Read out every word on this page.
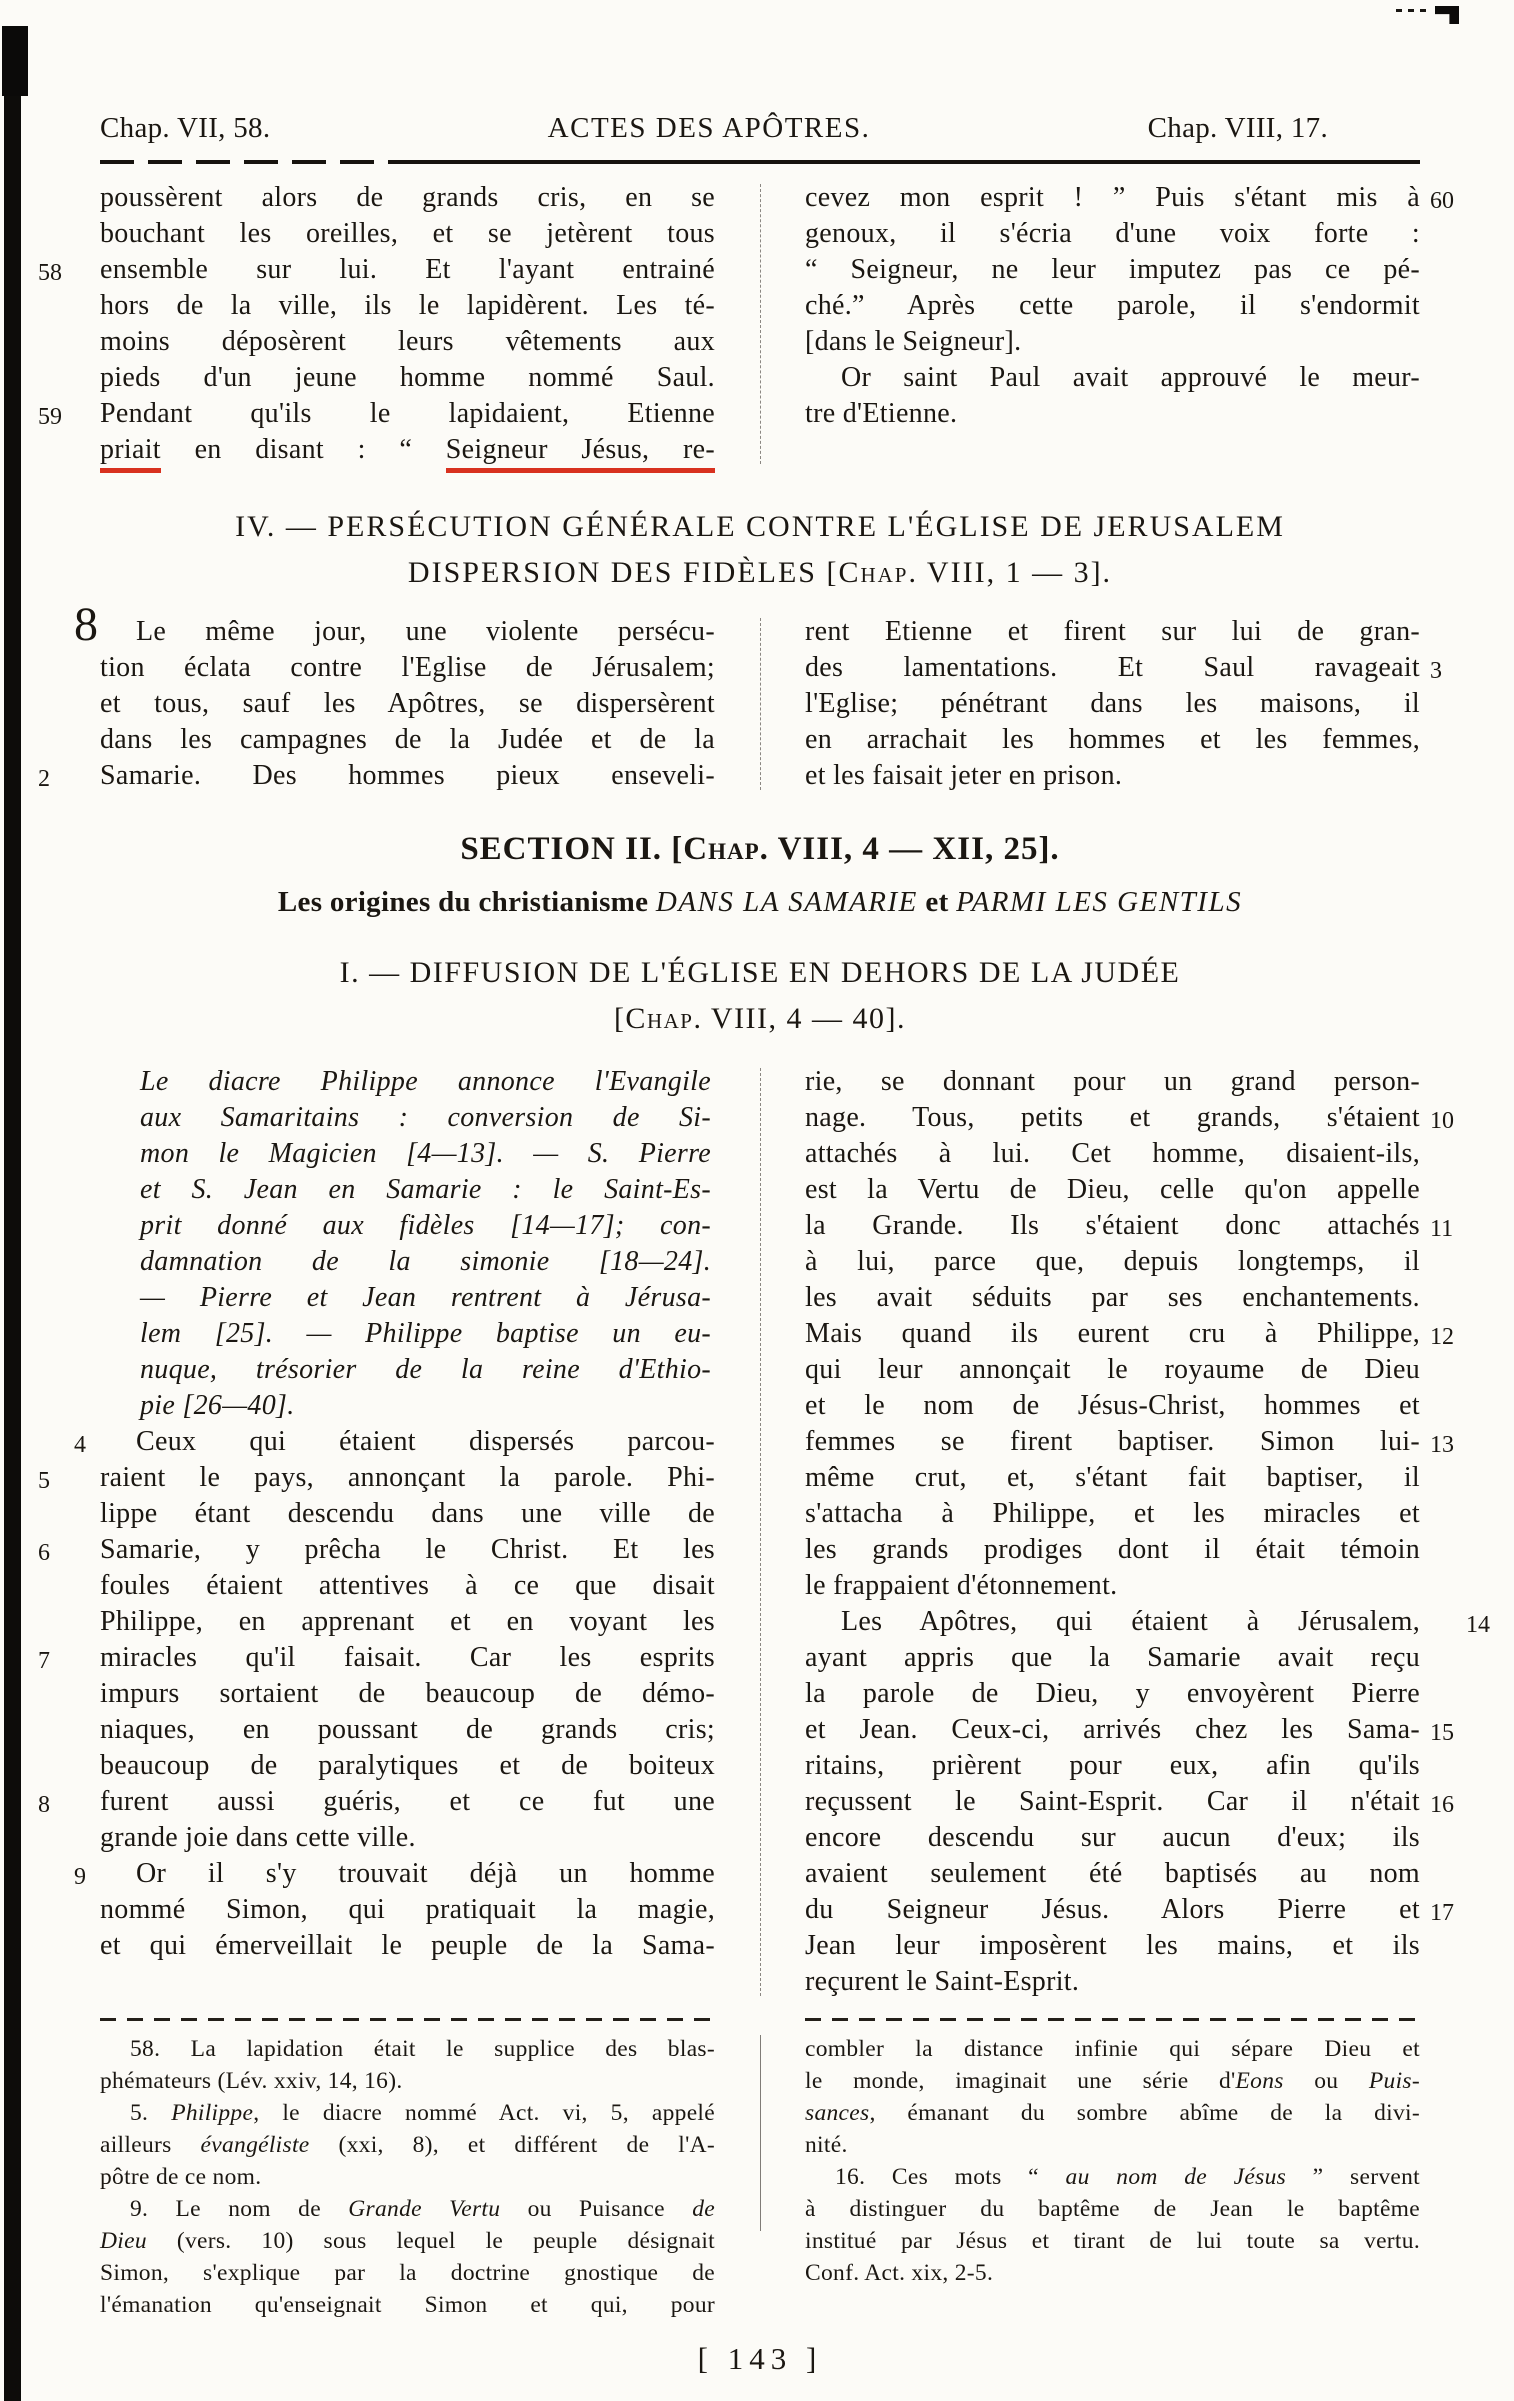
Chap. VII, 58.	ACTES DES APÔTRES.	Chap. VIII, 17.
poussèrent alors de grands cris, en se
bouchant les oreilles, et se jetèrent tous
58	ensemble sur lui. Et l'ayant entrainé
hors de la ville, ils le lapidèrent. Les té-
moins déposèrent leurs vêtements aux
pieds d'un jeune homme nommé Saul.
59	Pendant qu'ils le lapidaient, Etienne
priait en disant : “ Seigneur Jésus, re-
60
cevez mon esprit ! ” Puis s'étant mis à
genoux, il s'écria d'une voix forte :
“ Seigneur, ne leur imputez pas ce pé-
ché.” Après cette parole, il s'endormit
[dans le Seigneur].
Or saint Paul avait approuvé le meur-
tre d'Etienne.
IV. — PERSÉCUTION GÉNÉRALE CONTRE L'ÉGLISE DE JERUSALEM
DISPERSION DES FIDÈLES [Chap. VIII, 1 — 3].
8 Le même jour, une violente persécu-
tion éclata contre l'Eglise de Jérusalem;
et tous, sauf les Apôtres, se dispersèrent
dans les campagnes de la Judée et de la
2	Samarie. Des hommes pieux enseveli-
rent Etienne et firent sur lui de gran-
3
des lamentations. Et Saul ravageait
l'Eglise; pénétrant dans les maisons, il
en arrachait les hommes et les femmes,
et les faisait jeter en prison.
SECTION II. [Chap. VIII, 4 — XII, 25].
Les origines du christianisme DANS LA SAMARIE et PARMI LES GENTILS
I. — DIFFUSION DE L'ÉGLISE EN DEHORS DE LA JUDÉE
[Chap. VIII, 4 — 40].
Le diacre Philippe annonce l'Evangile
aux Samaritains : conversion de Si-
mon le Magicien [4—13]. — S. Pierre
et S. Jean en Samarie : le Saint-Es-
prit donné aux fidèles [14—17]; con-
damnation de la simonie [18—24].
— Pierre et Jean rentrent à Jérusa-
lem [25]. — Philippe baptise un eu-
nuque, trésorier de la reine d'Ethio-
pie [26—40].
4 Ceux qui étaient dispersés parcou-
5	raient le pays, annonçant la parole. Phi-
lippe étant descendu dans une ville de
6	Samarie, y prêcha le Christ. Et les
foules étaient attentives à ce que disait
Philippe, en apprenant et en voyant les
7	miracles qu'il faisait. Car les esprits
impurs sortaient de beaucoup de démo-
niaques, en poussant de grands cris;
beaucoup de paralytiques et de boiteux
8	furent aussi guéris, et ce fut une
grande joie dans cette ville.
9 Or il s'y trouvait déjà un homme
nommé Simon, qui pratiquait la magie,
et qui émerveillait le peuple de la Sama-
rie, se donnant pour un grand person-
10
nage. Tous, petits et grands, s'étaient
attachés à lui. Cet homme, disaient-ils,
est la Vertu de Dieu, celle qu'on appelle
11
la Grande. Ils s'étaient donc attachés
à lui, parce que, depuis longtemps, il
les avait séduits par ses enchantements.
12
Mais quand ils eurent cru à Philippe,
qui leur annonçait le royaume de Dieu
et le nom de Jésus-Christ, hommes et
13
femmes se firent baptiser. Simon lui-
même crut, et, s'étant fait baptiser, il
s'attacha à Philippe, et les miracles et
les grands prodiges dont il était témoin
le frappaient d'étonnement.
14
Les Apôtres, qui étaient à Jérusalem,
ayant appris que la Samarie avait reçu
la parole de Dieu, y envoyèrent Pierre
15
et Jean. Ceux-ci, arrivés chez les Sama-
ritains, prièrent pour eux, afin qu'ils
16
reçussent le Saint-Esprit. Car il n'était
encore descendu sur aucun d'eux; ils
avaient seulement été baptisés au nom
17
du Seigneur Jésus. Alors Pierre et
Jean leur imposèrent les mains, et ils
reçurent le Saint-Esprit.
58. La lapidation était le supplice des blas-
phémateurs (Lév. xxiv, 14, 16).
5. Philippe, le diacre nommé Act. vi, 5, appelé
ailleurs évangéliste (xxi, 8), et différent de l'A-
pôtre de ce nom.
9. Le nom de Grande Vertu ou Puisance de
Dieu (vers. 10) sous lequel le peuple désignait
Simon, s'explique par la doctrine gnostique de
l'émanation qu'enseignait Simon et qui, pour
combler la distance infinie qui sépare Dieu et
le monde, imaginait une série d'Eons ou Puis-
sances, émanant du sombre abîme de la divi-
nité.
16. Ces mots “ au nom de Jésus ” servent
à distinguer du baptême de Jean le baptême
institué par Jésus et tirant de lui toute sa vertu.
Conf. Act. xix, 2-5.
[ 143 ]
